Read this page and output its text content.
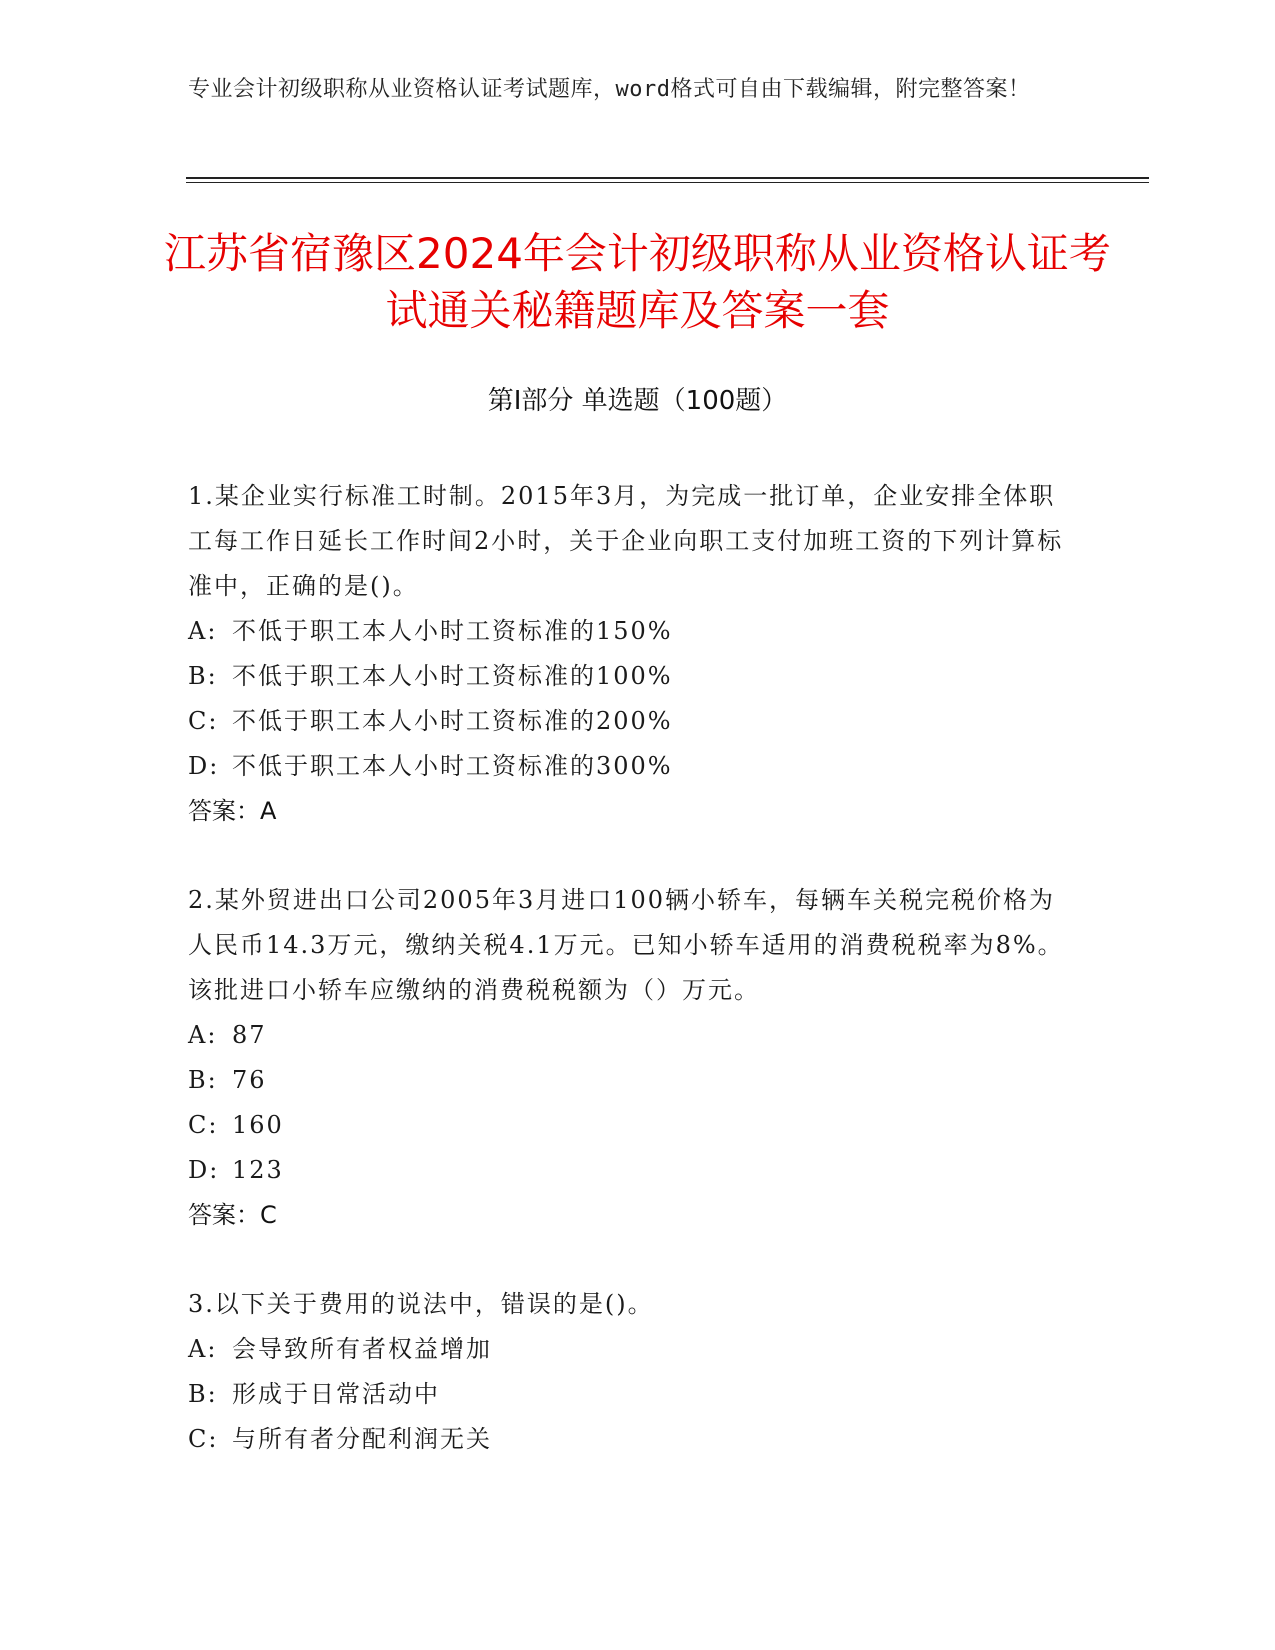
专业会计初级职称从业资格认证考试题库，word格式可自由下载编辑，附完整答案！
江苏省宿豫区2024年会计初级职称从业资格认证考试通关秘籍题库及答案一套
第Ⅰ部分 单选题（100题）

1.某企业实行标准工时制。2015年3月，为完成一批订单，企业安排全体职工每工作日延长工作时间2小时，关于企业向职工支付加班工资的下列计算标准中，正确的是()。

A: 不低于职工本人小时工资标准的150%

B: 不低于职工本人小时工资标准的100%

C: 不低于职工本人小时工资标准的200%

D: 不低于职工本人小时工资标准的300%

答案：A

2.某外贸进出口公司2005年3月进口100辆小轿车，每辆车关税完税价格为人民币14.3万元，缴纳关税4.1万元。已知小轿车适用的消费税税率为8%。该批进口小轿车应缴纳的消费税税额为（）万元。

A: 87

B: 76

C: 160

D: 123

答案：C

3.以下关于费用的说法中，错误的是()。

A: 会导致所有者权益增加

B: 形成于日常活动中

C: 与所有者分配利润无关
